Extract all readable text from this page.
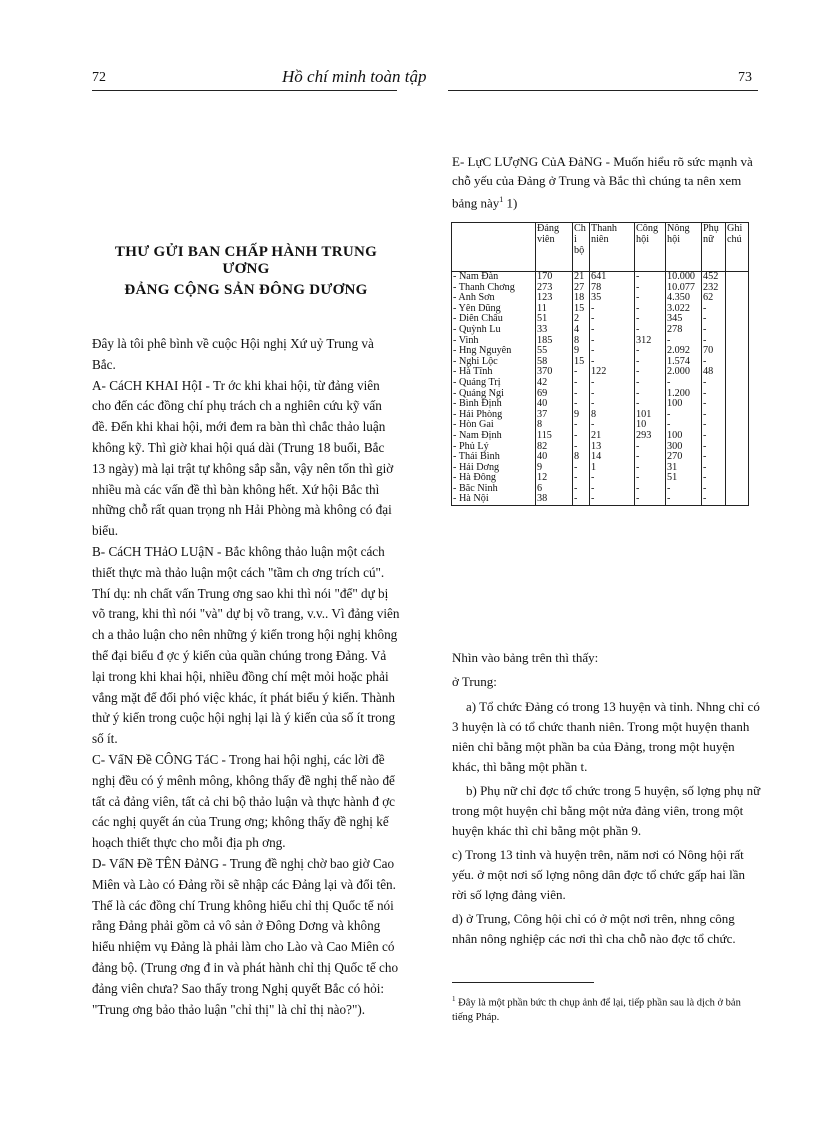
72	Hồ chí minh toàn tập	73
THƯ GỬI BAN CHẤP HÀNH TRUNG ƯƠNG
ĐẢNG CỘNG SẢN ĐÔNG DƯƠNG

Đây là tôi phê bình về cuộc Hội nghị Xứ uỷ Trung và Bắc.

A- CáCH KHAI HộI - Tr ớc khi khai hội, từ đảng viên cho đến các đồng chí phụ trách ch a nghiên cứu kỹ vấn đề. Đến khi khai hội, mới đem ra bàn thì chắc thảo luận không kỹ. Thì giờ khai hội quá dài (Trung 18 buổi, Bắc 13 ngày) mà lại trật tự không sắp sẵn, vậy nên tốn thì giờ nhiều mà các vấn đề thì bàn không hết. Xứ hội Bắc thì những chỗ rất quan trọng nh Hải Phòng mà không có đại biểu.

B- CáCH THảO LUậN - Bắc không thảo luận một cách thiết thực mà thảo luận một cách "tầm ch ơng trích cú". Thí dụ: nh chất vấn Trung ơng sao khi thì nói "để" dự bị võ trang, khi thì nói "và" dự bị võ trang, v.v.. Vì đảng viên ch a thảo luận cho nên những ý kiến trong hội nghị không thể đại biểu đ ợc ý kiến của quần chúng trong Đảng. Vả lại trong khi khai hội, nhiều đồng chí mệt mỏi hoặc phải vắng mặt để đối phó việc khác, ít phát biểu ý kiến. Thành thử ý kiến trong cuộc hội nghị lại là ý kiến của số ít trong số ít.

C- VấN Đề CÔNG TáC - Trong hai hội nghị, các lời đề nghị đều có ý mênh mông, không thấy đề nghị thế nào để tất cả đảng viên, tất cả chi bộ thảo luận và thực hành đ ợc các nghị quyết án của Trung ơng; không thấy đề nghị kế hoạch thiết thực cho mỗi địa ph ơng.

D- VấN Đề TÊN ĐảNG - Trung đề nghị chờ bao giờ Cao Miên và Lào có Đảng rồi sẽ nhập các Đảng lại và đổi tên. Thế là các đồng chí Trung không hiểu chỉ thị Quốc tế nói rằng Đảng phải gồm cả vô sản ở Đông Dơng và không hiểu nhiệm vụ Đảng là phải làm cho Lào và Cao Miên có đảng bộ. (Trung ơng đ in và phát hành chỉ thị Quốc tế cho đảng viên chưa? Sao thấy trong Nghị quyết Bắc có hỏi: "Trung ơng bảo thảo luận "chỉ thị" là chỉ thị nào?").

E- LựC LƯợNG CủA ĐảNG - Muốn hiểu rõ sức mạnh và chỗ yếu của Đảng ở Trung và Bắc thì chúng ta nên xem bảng này$^1$ 1)
	Đảng viên	Ch i bộ	Thanh niên	Công hội	Nông hội	Phụ nữ	Ghi chú
- Nam Đàn	170	21	641	-	10.000	452	
- Thanh Chơng	273	27	78	-	10.077	232	
- Anh Sơn	123	18	35	-	4.350	62	
- Yên Dũng	11	15	-	-	3.022	-	
- Diễn Châu	51	2	-	-	345	-	
- Quỳnh Lu	33	4	-	-	278	-	
- Vinh	185	8	-	312	-	-	
- Hng Nguyên	55	9	-	-	2.092	70	
- Nghi Lộc	58	15	-	-	1.574	-	
- Hà Tĩnh	370	-	122	-	2.000	48	
- Quảng Trị	42	-	-	-	-	-	
- Quảng Ngi	69	-	-	-	1.200	-	
- Bình Định	40	-	-	-	100	-	
- Hải Phòng	37	9	8	101	-	-	
- Hòn Gai	8	-	-	10	-	-	
- Nam Định	115	-	21	293	100	-	
- Phủ Lý	82	-	13	-	300	-	
- Thái Bình	40	8	14	-	270	-	
- Hải Dơng	9	-	1	-	31	-	
- Hà Đông	12	-	-	-	51	-	
- Bắc Ninh	6	-	-	-	-	-	
- Hà Nội	38	-	-	-	-	-	
Nhìn vào bảng trên thì thấy:
ở Trung:

a) Tổ chức Đảng có trong 13 huyện và tỉnh. Nhng chỉ có 3 huyện là có tổ chức thanh niên. Trong một huyện thanh niên chỉ bằng một phần ba của Đảng, trong một huyện khác, thì bằng một phần t.

b) Phụ nữ chỉ đợc tổ chức trong 5 huyện, số lợng phụ nữ trong một huyện chỉ bằng một nửa đảng viên, trong một huyện khác thì chỉ bằng một phần 9.

c) Trong 13 tỉnh và huyện trên, năm nơi có Nông hội rất yếu. ở một nơi số lợng nông dân đợc tổ chức gấp hai lần rời số lợng đảng viên.

d) ở Trung, Công hội chỉ có ở một nơi trên, nhng công nhân nông nghiệp các nơi thì cha chỗ nào đợc tổ chức.

$^1$ Đây là một phần bức th chụp ảnh để lại, tiếp phần sau là dịch ở bản tiếng Pháp.
